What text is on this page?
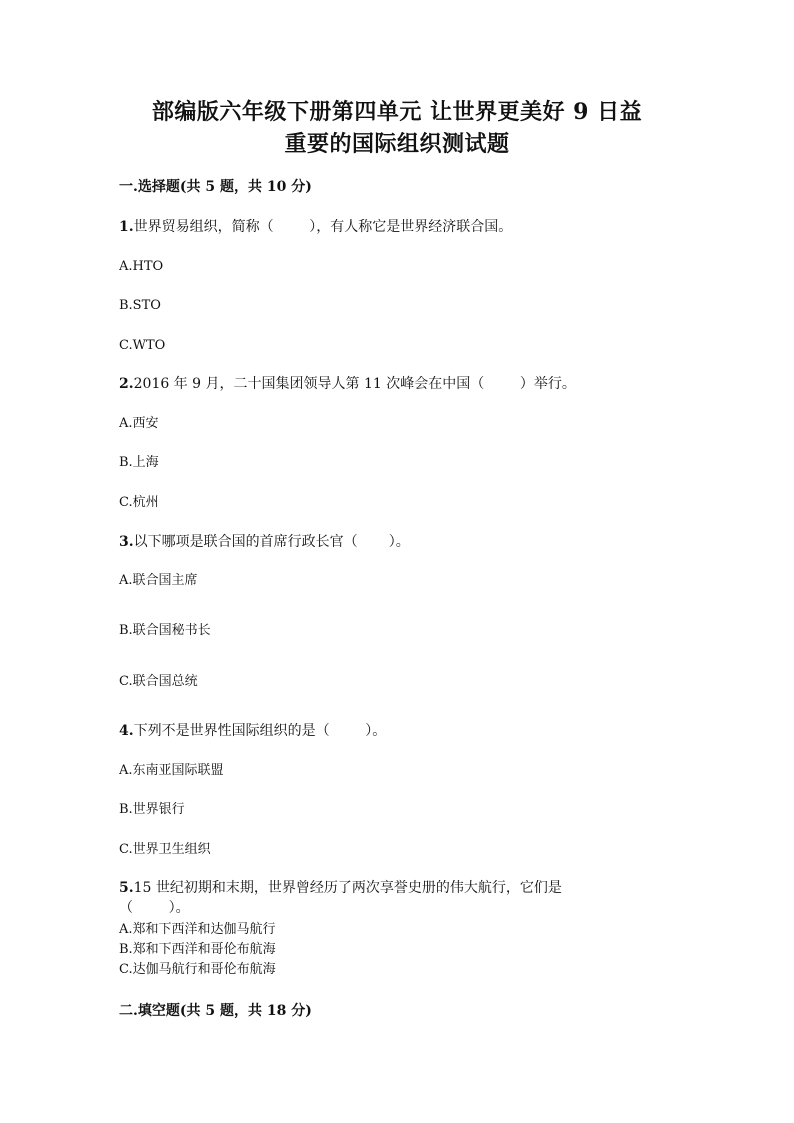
部编版六年级下册第四单元 让世界更美好 9 日益
重要的国际组织测试题
一.选择题(共 5 题，共 10 分)
1.世界贸易组织，简称（        ），有人称它是世界经济联合国。
A.HTO
B.STO
C.WTO
2.2016 年 9 月，二十国集团领导人第 11 次峰会在中国（        ）举行。
A.西安
B.上海
C.杭州
3.以下哪项是联合国的首席行政长官（       ）。
A.联合国主席
B.联合国秘书长
C.联合国总统
4.下列不是世界性国际组织的是（        ）。
A.东南亚国际联盟
B.世界银行
C.世界卫生组织
5.15 世纪初期和末期，世界曾经历了两次享誉史册的伟大航行，它们是
（        ）。
A.郑和下西洋和达伽马航行
B.郑和下西洋和哥伦布航海
C.达伽马航行和哥伦布航海
二.填空题(共 5 题，共 18 分)
